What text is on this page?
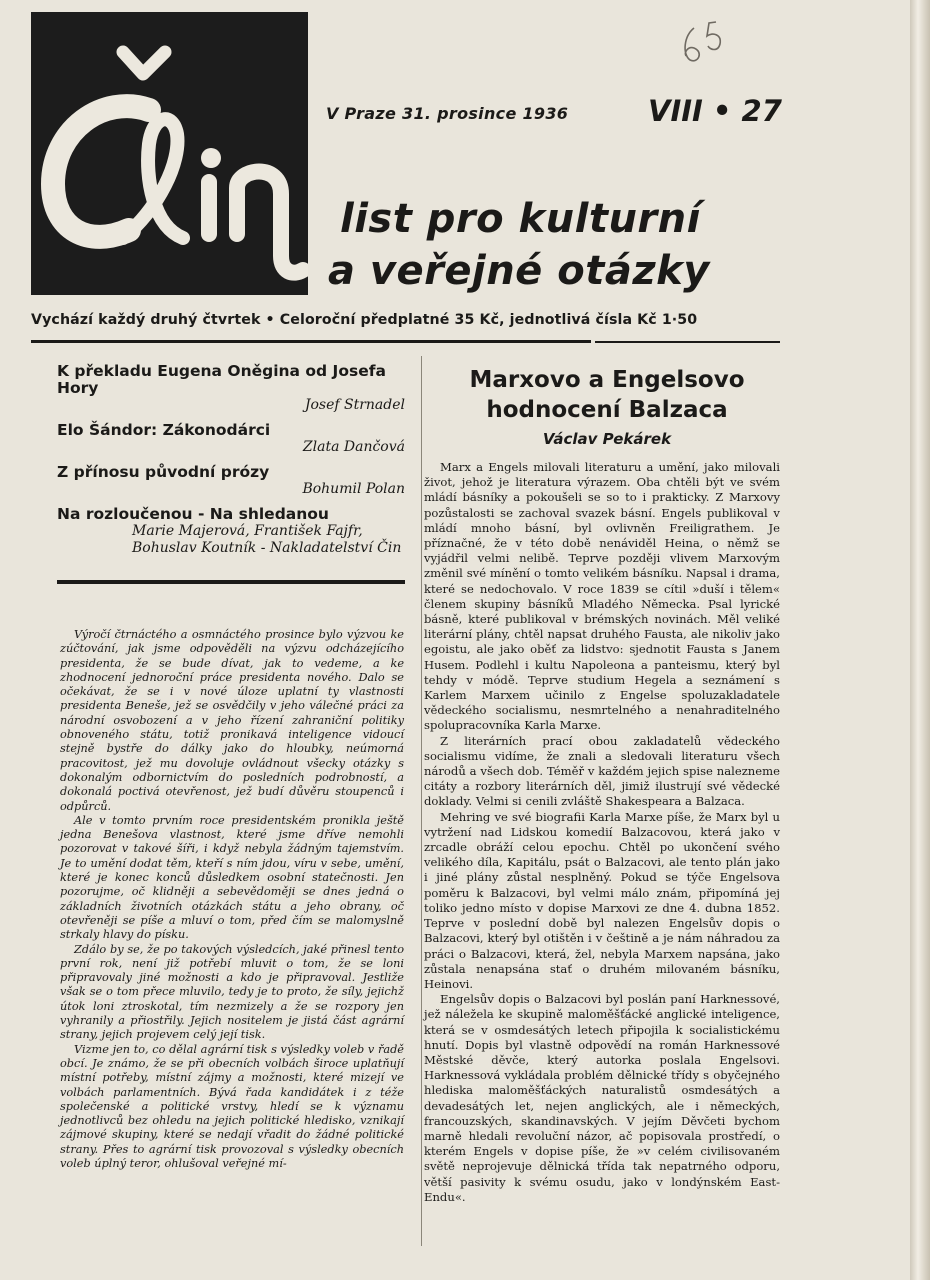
V Praze 31. prosince 1936	VIII • 27
list pro kulturní
a veřejné otázky
Vychází každý druhý čtvrtek • Celoroční předplatné 35 Kč, jednotlivá čísla Kč 1·50

K překladu Eugena Oněgina od Josefa Hory

Josef Strnadel

Elo Šándor: Zákonodárci

Zlata Dančová

Z přínosu původní prózy

Bohumil Polan

Na rozloučenou - Na shledanou

Marie Majerová, František Fajfr,
Bohuslav Koutník - Nakladatelství Čin

Výročí čtrnáctého a osmnáctého prosince bylo výzvou ke zúčtování, jak jsme odpověděli na výzvu odcházejícího presidenta, že se bude dívat, jak to vedeme, a ke zhodnocení jednoroční práce presidenta nového. Dalo se očekávat, že se i v nové úloze uplatní ty vlastnosti presidenta Beneše, jež se osvědčily v jeho válečné práci za národní osvobození a v jeho řízení zahraniční politiky obnoveného státu, totiž pronikavá inteligence vidoucí stejně bystře do dálky jako do hloubky, neúmorná pracovitost, jež mu dovoluje ovládnout všecky otázky s dokonalým odbornictvím do posledních podrobností, a dokonalá poctivá otevřenost, jež budí důvěru stoupenců i odpůrců.

Ale v tomto prvním roce presidentském pronikla ještě jedna Benešova vlastnost, které jsme dříve nemohli pozorovat v takové šíři, i když nebyla žádným tajemstvím. Je to umění dodat těm, kteří s ním jdou, víru v sebe, umění, které je konec konců důsledkem osobní statečnosti. Jen pozorujme, oč klidněji a sebevědoměji se dnes jedná o základních životních otázkách státu a jeho obrany, oč otevřeněji se píše a mluví o tom, před čím se malomyslně strkaly hlavy do písku.

Zdálo by se, že po takových výsledcích, jaké přinesl tento první rok, není již potřebí mluvit o tom, že se loni připravovaly jiné možnosti a kdo je připravoval. Jestliže však se o tom přece mluvilo, tedy je to proto, že síly, jejichž útok loni ztroskotal, tím nezmizely a že se rozpory jen vyhranily a přiostřily. Jejich nositelem je jistá část agrární strany, jejich projevem celý její tisk.

Vizme jen to, co dělal agrární tisk s výsledky voleb v řadě obcí. Je známo, že se při obecních volbách široce uplatňují místní potřeby, místní zájmy a možnosti, které mizejí ve volbách parlamentních. Bývá řada kandidátek i z téže společenské a politické vrstvy, hledí se k významu jednotlivců bez ohledu na jejich politické hledisko, vznikají zájmové skupiny, které se nedají vřadit do žádné politické strany. Přes to agrární tisk provozoval s výsledky obecních voleb úplný teror, ohlušoval veřejné mí-

Marxovo a Engelsovo
hodnocení Balzaca
Václav Pekárek

Marx a Engels milovali literaturu a umění, jako milovali život, jehož je literatura výrazem. Oba chtěli být ve svém mládí básníky a pokoušeli se so to i prakticky. Z Marxovy pozůstalosti se zachoval svazek básní. Engels publikoval v mládí mnoho básní, byl ovlivněn Freiligrathem. Je příznačné, že v této době nenáviděl Heina, o němž se vyjádřil velmi nelibě. Teprve později vlivem Marxovým změnil své mínění o tomto velikém básníku. Napsal i drama, které se nedochovalo. V roce 1839 se cítil »duší i tělem« členem skupiny básníků Mladého Německa. Psal lyrické básně, které publikoval v brémských novinách. Měl veliké literární plány, chtěl napsat druhého Fausta, ale nikoliv jako egoistu, ale jako oběť za lidstvo: sjednotit Fausta s Janem Husem. Podlehl i kultu Napoleona a panteismu, který byl tehdy v módě. Teprve studium Hegela a seznámení s Karlem Marxem učinilo z Engelse spoluzakladatele vědeckého socialismu, nesmrtelného a nenahraditelného spolupracovníka Karla Marxe.

Z literárních prací obou zakladatelů vědeckého socialismu vidíme, že znali a sledovali literaturu všech národů a všech dob. Téměř v každém jejich spise nalezneme citáty a rozbory literárních děl, jimiž ilustrují své vědecké doklady. Velmi si cenili zvláště Shakespeara a Balzaca.

Mehring ve své biografii Karla Marxe píše, že Marx byl u vytržení nad Lidskou komedií Balzacovou, která jako v zrcadle obráží celou epochu. Chtěl po ukončení svého velikého díla, Kapitálu, psát o Balzacovi, ale tento plán jako i jiné plány zůstal nesplněný. Pokud se týče Engelsova poměru k Balzacovi, byl velmi málo znám, připomíná jej toliko jedno místo v dopise Marxovi ze dne 4. dubna 1852. Teprve v poslední době byl nalezen Engelsův dopis o Balzacovi, který byl otištěn i v češtině a je nám náhradou za práci o Balzacovi, která, žel, nebyla Marxem napsána, jako zůstala nenapsána stať o druhém milovaném básníku, Heinovi.

Engelsův dopis o Balzacovi byl poslán paní Harknessové, jež náležela ke skupině maloměšťácké anglické inteligence, která se v osmdesátých letech připojila k socialistickému hnutí. Dopis byl vlastně odpovědí na román Harknessové Městské děvče, který autorka poslala Engelsovi. Harknessová vykládala problém dělnické třídy s obyčejného hlediska maloměšťáckých naturalistů osmdesátých a devadesátých let, nejen anglických, ale i německých, francouzských, skandinavských. V jejím Děvčeti bychom marně hledali revoluční názor, ač popisovala prostředí, o kterém Engels v dopise píše, že »v celém civilisovaném světě neprojevuje dělnická třída tak nepatrného odporu, větší pasivity k svému osudu, jako v londýnském East-Endu«.
